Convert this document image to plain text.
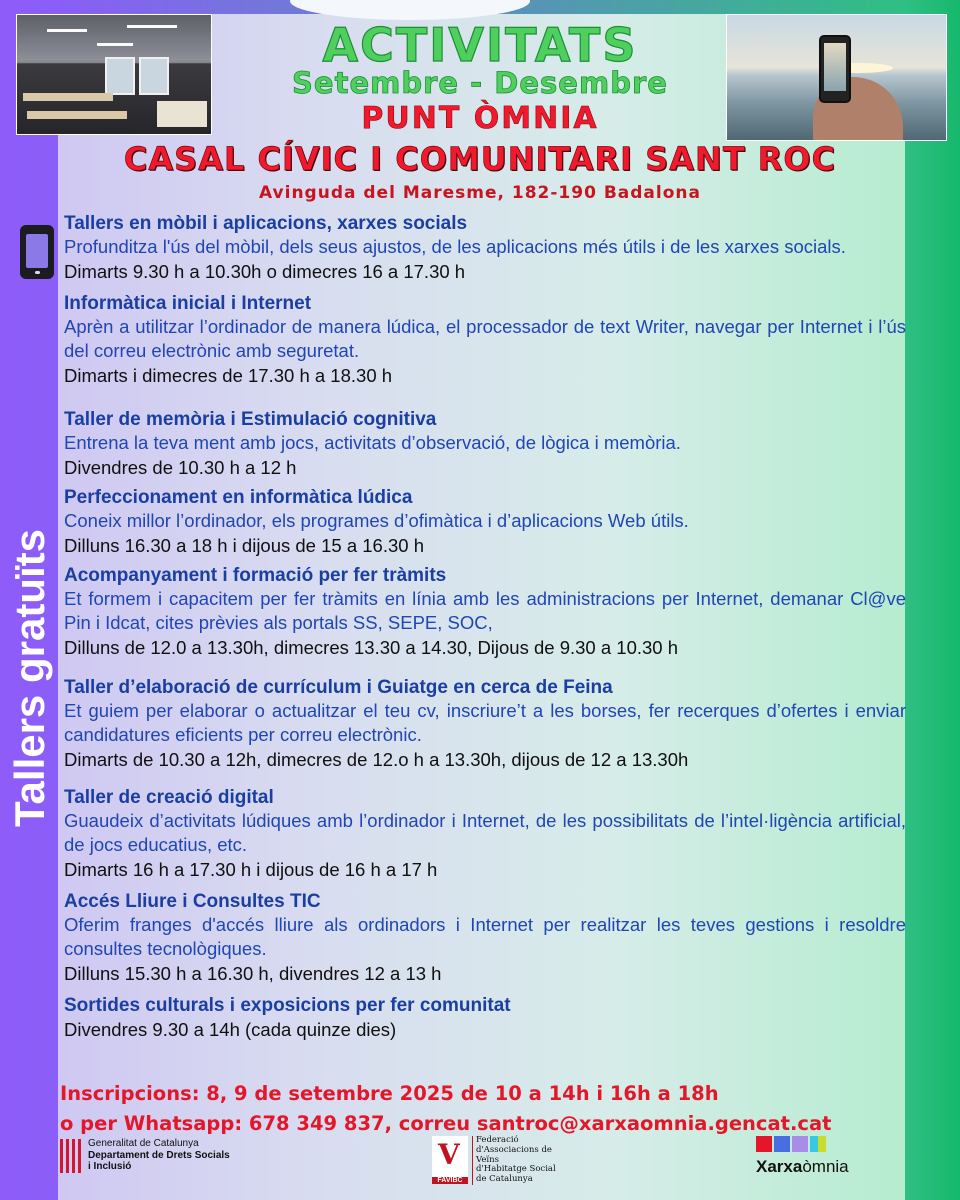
ACTIVITATS
Setembre - Desembre
PUNT ÒMNIA
CASAL CÍVIC I COMUNITARI SANT ROC
Avinguda del Maresme, 182-190 Badalona
Tallers gratuïts
Tallers en mòbil i aplicacions, xarxes socials
Profunditza l'ús del mòbil, dels seus ajustos, de les aplicacions més útils i de les xarxes socials.
Dimarts 9.30 h a 10.30h o dimecres 16 a 17.30 h
Informàtica inicial i Internet
Aprèn a utilitzar l’ordinador de manera lúdica, el processador de text Writer, navegar per Internet i l’ús del correu electrònic amb seguretat.
Dimarts i dimecres de 17.30 h a 18.30 h
Taller de memòria i Estimulació cognitiva
Entrena la teva ment amb jocs, activitats d’observació, de lògica i memòria.
Divendres de 10.30 h a 12 h
Perfeccionament en informàtica lúdica
Coneix millor l’ordinador, els programes d’ofimàtica i d’aplicacions Web útils.
Dilluns 16.30 a 18 h i dijous de 15 a 16.30 h
Acompanyament i formació per fer tràmits
Et formem i capacitem per fer tràmits en línia amb les administracions per Internet, demanar Cl@ve Pin i Idcat, cites prèvies als portals SS, SEPE, SOC,
Dilluns de 12.0 a 13.30h, dimecres 13.30 a 14.30, Dijous de 9.30 a 10.30 h
Taller d’elaboració de currículum i Guiatge en cerca de Feina
Et guiem per elaborar o actualitzar el teu cv, inscriure’t a les borses, fer recerques d’ofertes i enviar candidatures eficients per correu electrònic.
Dimarts de 10.30 a 12h, dimecres de 12.o h a 13.30h, dijous de 12 a 13.30h
Taller de creació digital
Guaudeix d’activitats lúdiques amb l’ordinador i Internet, de les possibilitats de l’intel·ligència artificial, de jocs educatius, etc.
Dimarts 16 h a 17.30 h i dijous de 16 h a 17 h
Accés Lliure i Consultes TIC
Oferim franges d'accés lliure als ordinadors i Internet per realitzar les teves gestions i resoldre consultes tecnològiques.
Dilluns 15.30 h a 16.30 h, divendres 12 a 13 h
Sortides culturals i exposicions per fer comunitat
Divendres 9.30 a 14h (cada quinze dies)
Inscripcions: 8, 9 de setembre 2025 de 10 a 14h i 16h a 18h
o per Whatsapp: 678 349 837, correu santroc@xarxaomnia.gencat.cat
Generalitat de Catalunya
Departament de Drets Socials
i Inclusió	V
FAVIBC
Federació
d'Associacions de Veïns
d'Habitatge Social
de Catalunya
Xarxaòmnia
